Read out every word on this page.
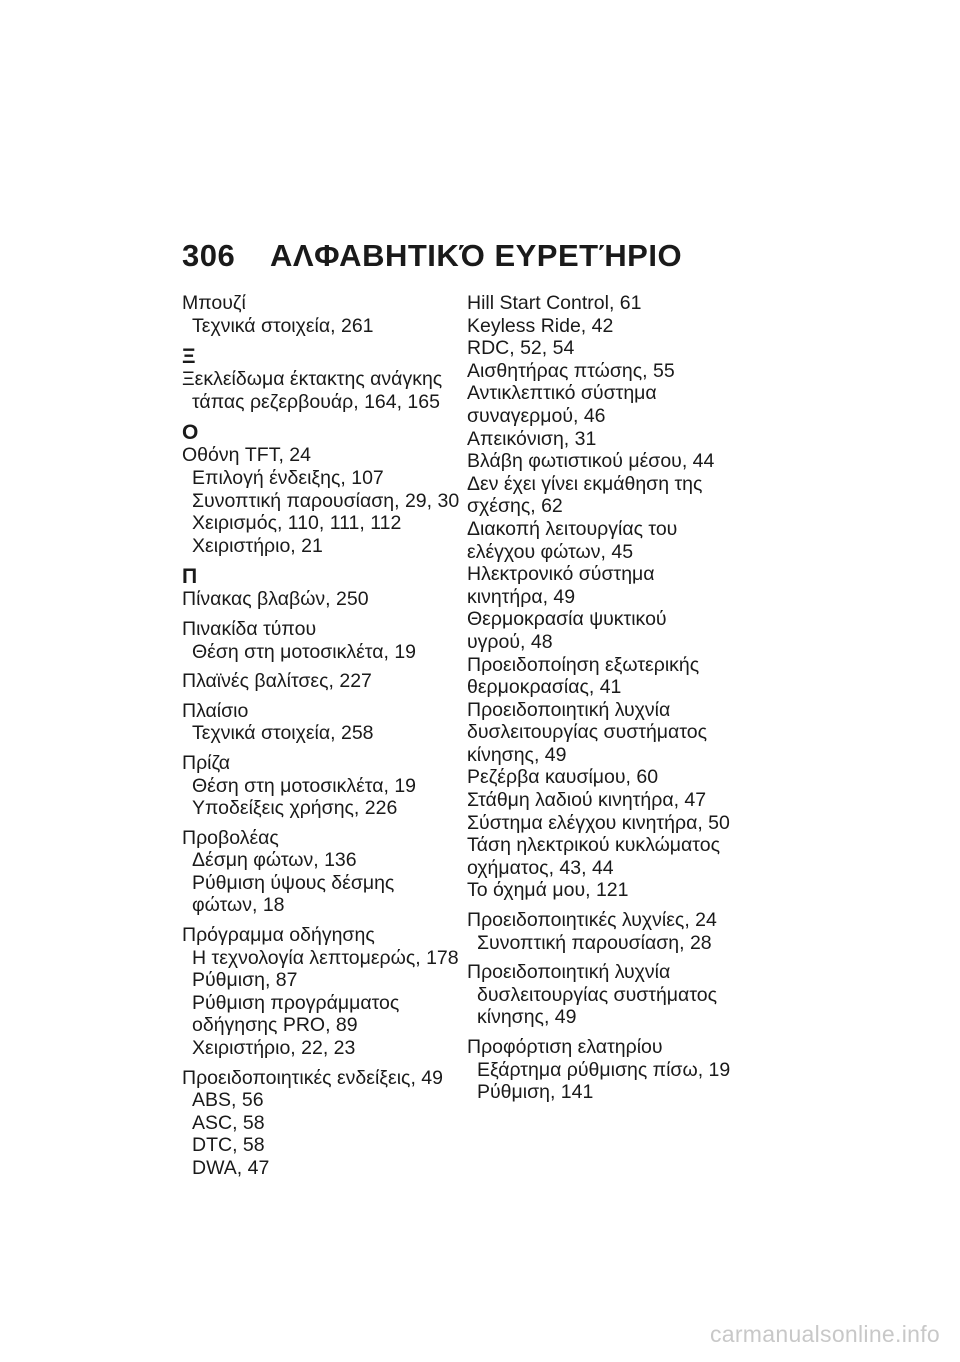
306 ΑΛΦΑΒΗΤΙΚΌ ΕΥΡΕΤΉΡΙΟ
Μπουζί
Τεχνικά στοιχεία, 261
Ξ
Ξεκλείδωμα έκτακτης ανάγκης
τάπας ρεζερβουάρ, 164, 165
Ο
Οθόνη TFT, 24
Επιλογή ένδειξης, 107
Συνοπτική παρουσίαση, 29, 30
Χειρισμός, 110, 111, 112
Χειριστήριο, 21
Π
Πίνακας βλαβών, 250
Πινακίδα τύπου
Θέση στη μοτοσικλέτα, 19
Πλαϊνές βαλίτσες, 227
Πλαίσιο
Τεχνικά στοιχεία, 258
Πρίζα
Θέση στη μοτοσικλέτα, 19
Υποδείξεις χρήσης, 226
Προβολέας
Δέσμη φώτων, 136
Ρύθμιση ύψους δέσμης
φώτων, 18
Πρόγραμμα οδήγησης
Η τεχνολογία λεπτομερώς, 178
Ρύθμιση, 87
Ρύθμιση προγράμματος
οδήγησης PRO, 89
Χειριστήριο, 22, 23
Προειδοποιητικές ενδείξεις, 49
ABS, 56
ASC, 58
DTC, 58
DWA, 47
Hill Start Control, 61
Keyless Ride, 42
RDC, 52, 54
Αισθητήρας πτώσης, 55
Αντικλεπτικό σύστημα
συναγερμού, 46
Απεικόνιση, 31
Βλάβη φωτιστικού μέσου, 44
Δεν έχει γίνει εκμάθηση της
σχέσης, 62
Διακοπή λειτουργίας του
ελέγχου φώτων, 45
Ηλεκτρονικό σύστημα
κινητήρα, 49
Θερμοκρασία ψυκτικού
υγρού, 48
Προειδοποίηση εξωτερικής
θερμοκρασίας, 41
Προειδοποιητική λυχνία
δυσλειτουργίας συστήματος
κίνησης, 49
Ρεζέρβα καυσίμου, 60
Στάθμη λαδιού κινητήρα, 47
Σύστημα ελέγχου κινητήρα, 50
Τάση ηλεκτρικού κυκλώματος
οχήματος, 43, 44
Το όχημά μου, 121
Προειδοποιητικές λυχνίες, 24
Συνοπτική παρουσίαση, 28
Προειδοποιητική λυχνία
δυσλειτουργίας συστήματος
κίνησης, 49
Προφόρτιση ελατηρίου
Εξάρτημα ρύθμισης πίσω, 19
Ρύθμιση, 141
carmanualsonline.info
